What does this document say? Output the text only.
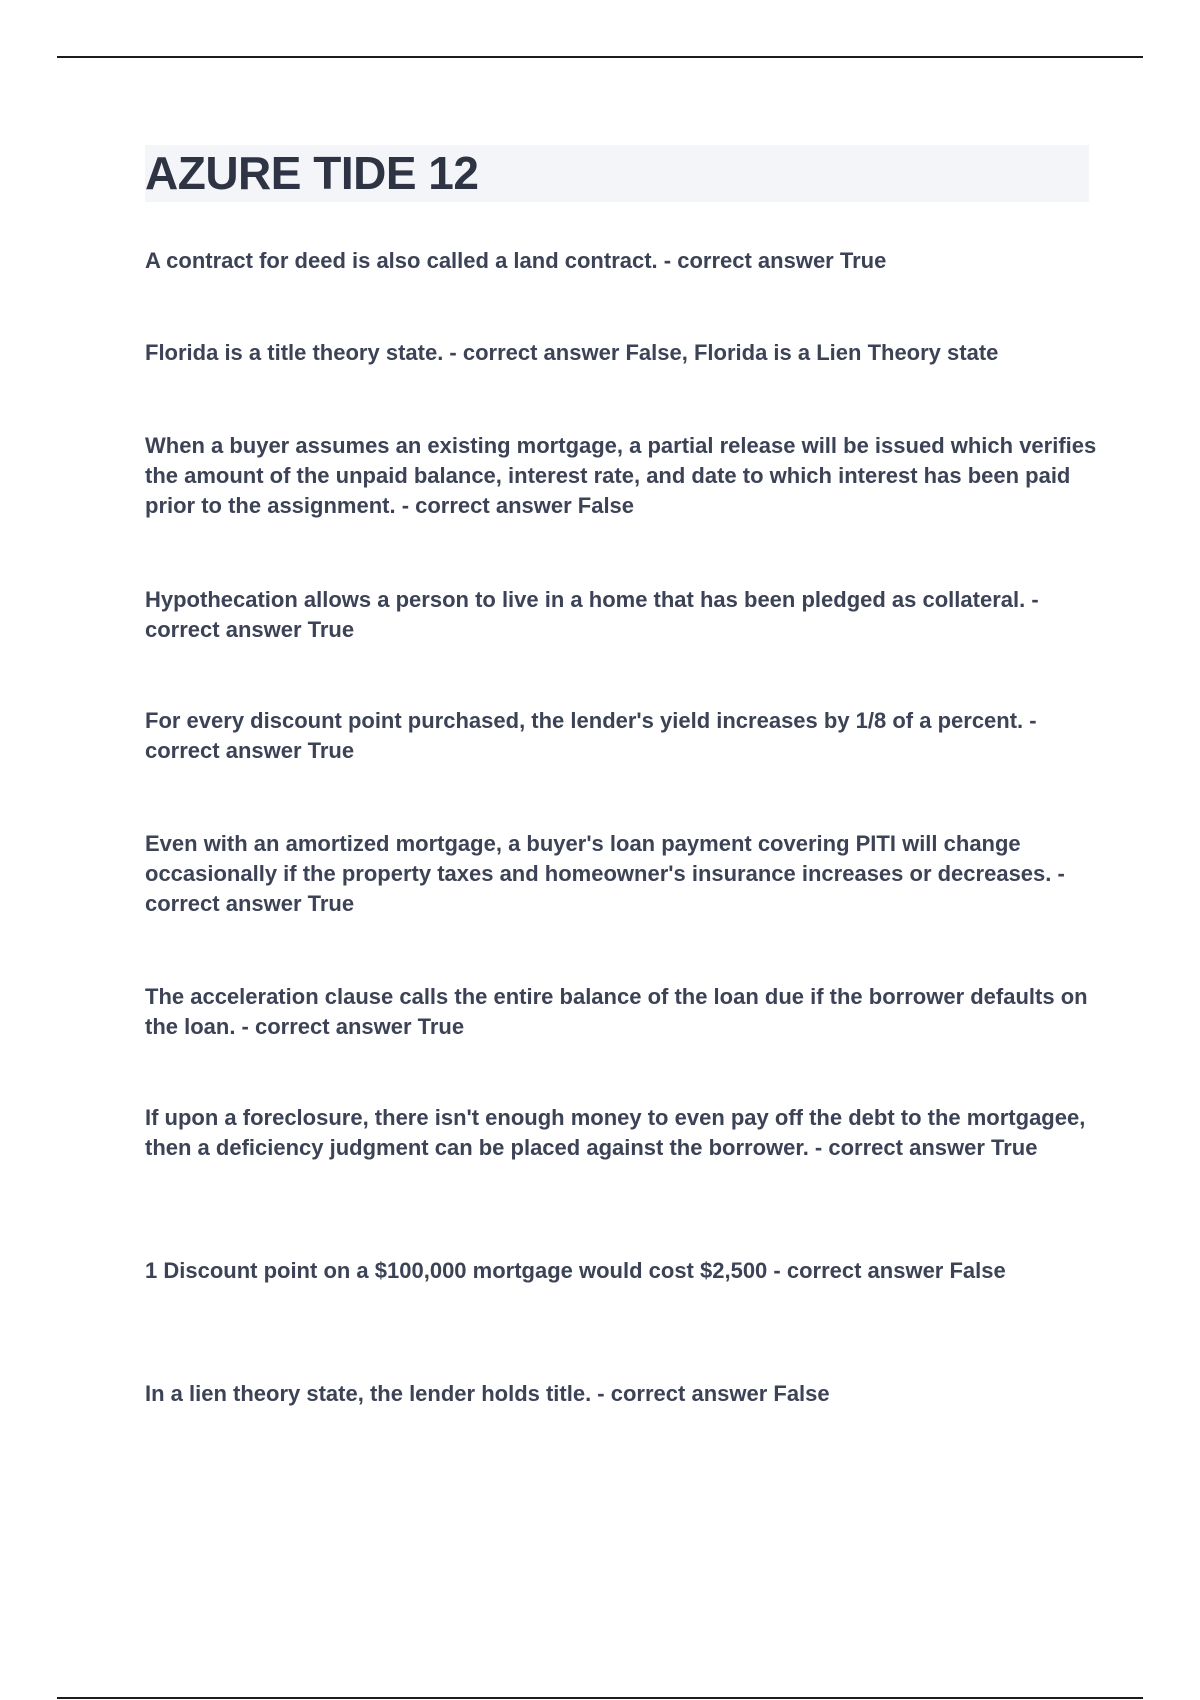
AZURE TIDE 12

A contract for deed is also called a land contract. - correct answer True

Florida is a title theory state. - correct answer False, Florida is a Lien Theory state

When a buyer assumes an existing mortgage, a partial release will be issued which verifies the amount of the unpaid balance, interest rate, and date to which interest has been paid prior to the assignment. - correct answer False

Hypothecation allows a person to live in a home that has been pledged as collateral. - correct answer True

For every discount point purchased, the lender's yield increases by 1/8 of a percent. - correct answer True

Even with an amortized mortgage, a buyer's loan payment covering PITI will change occasionally if the property taxes and homeowner's insurance increases or decreases. - correct answer True

The acceleration clause calls the entire balance of the loan due if the borrower defaults on the loan. - correct answer True

If upon a foreclosure, there isn't enough money to even pay off the debt to the mortgagee, then a deficiency judgment can be placed against the borrower. - correct answer True

1 Discount point on a $100,000 mortgage would cost $2,500 - correct answer False

In a lien theory state, the lender holds title. - correct answer False
